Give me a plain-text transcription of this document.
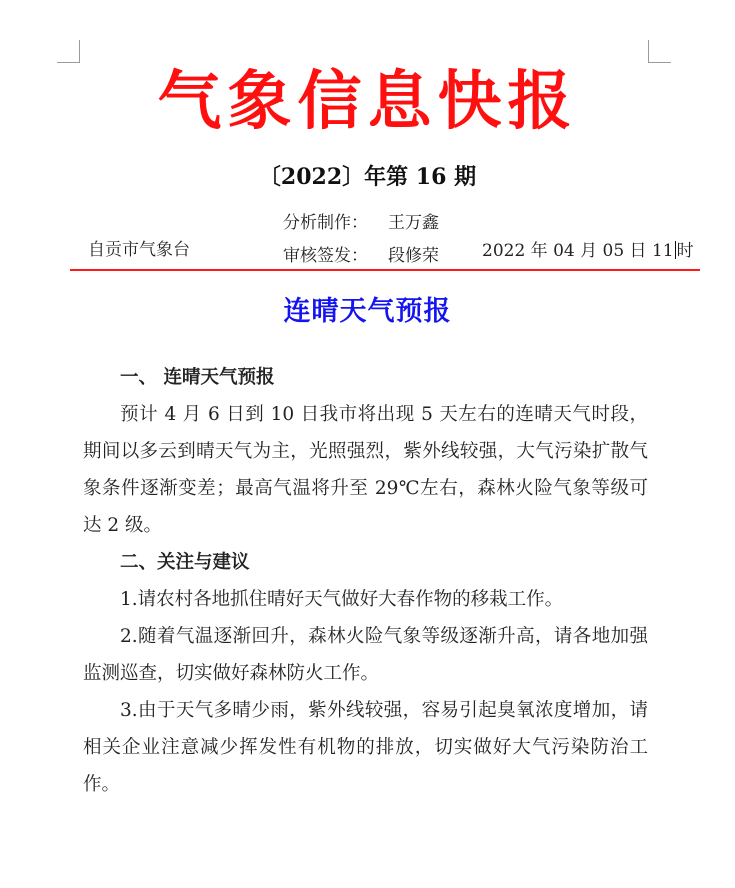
气象信息快报
〔2022〕年第 16 期
自贡市气象台
分析制作： 王万鑫
审核签发： 段修荣	2022 年 04 月 05 日 11 时
连晴天气预报

一、 连晴天气预报

预计 4 月 6 日到 10 日我市将出现 5 天左右的连晴天气时段，期间以多云到晴天气为主，光照强烈，紫外线较强，大气污染扩散气象条件逐渐变差；最高气温将升至 29℃左右，森林火险气象等级可达 2 级。

二、关注与建议

1.请农村各地抓住晴好天气做好大春作物的移栽工作。

2.随着气温逐渐回升，森林火险气象等级逐渐升高，请各地加强监测巡查，切实做好森林防火工作。

3.由于天气多晴少雨，紫外线较强，容易引起臭氧浓度增加，请相关企业注意减少挥发性有机物的排放，切实做好大气污染防治工作。
